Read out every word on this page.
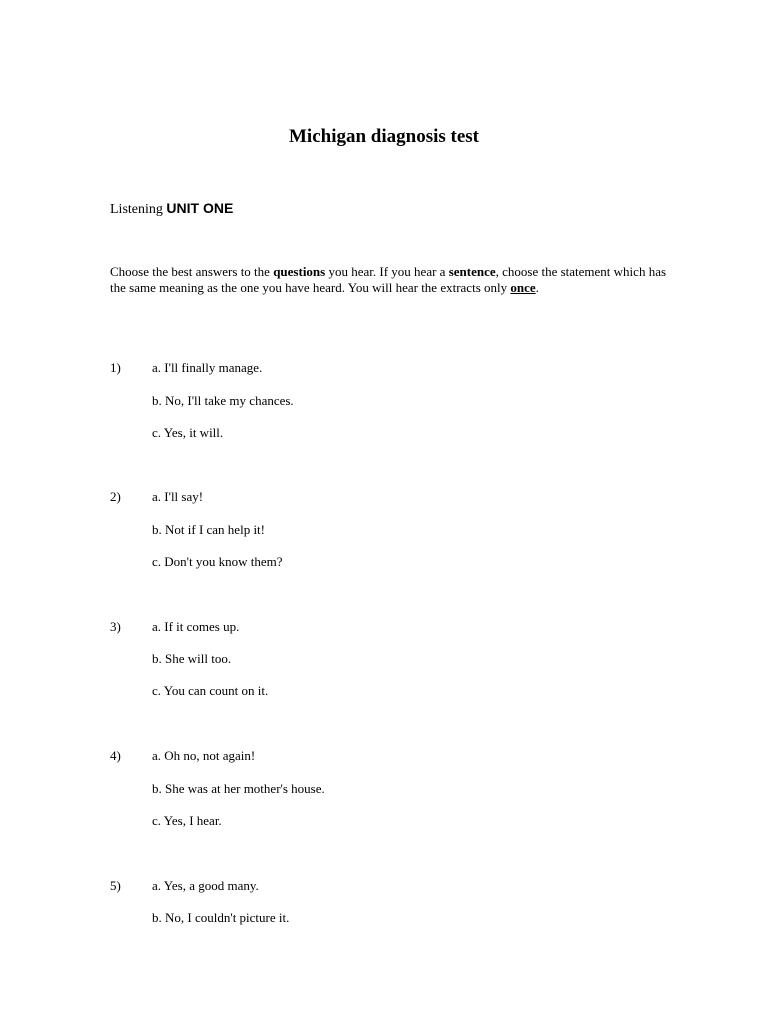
Michigan diagnosis test
Listening UNIT ONE
Choose the best answers to the questions you hear. If you hear a sentence, choose the statement which has the same meaning as the one you have heard. You will hear the extracts only once.
1) a. I'll finally manage.
b. No, I'll take my chances.
c. Yes, it will.
2) a. I'll say!
b. Not if I can help it!
c. Don't you know them?
3) a. If it comes up.
b. She will too.
c. You can count on it.
4) a. Oh no, not again!
b. She was at her mother's house.
c. Yes, I hear.
5) a. Yes, a good many.
b. No, I couldn't picture it.
